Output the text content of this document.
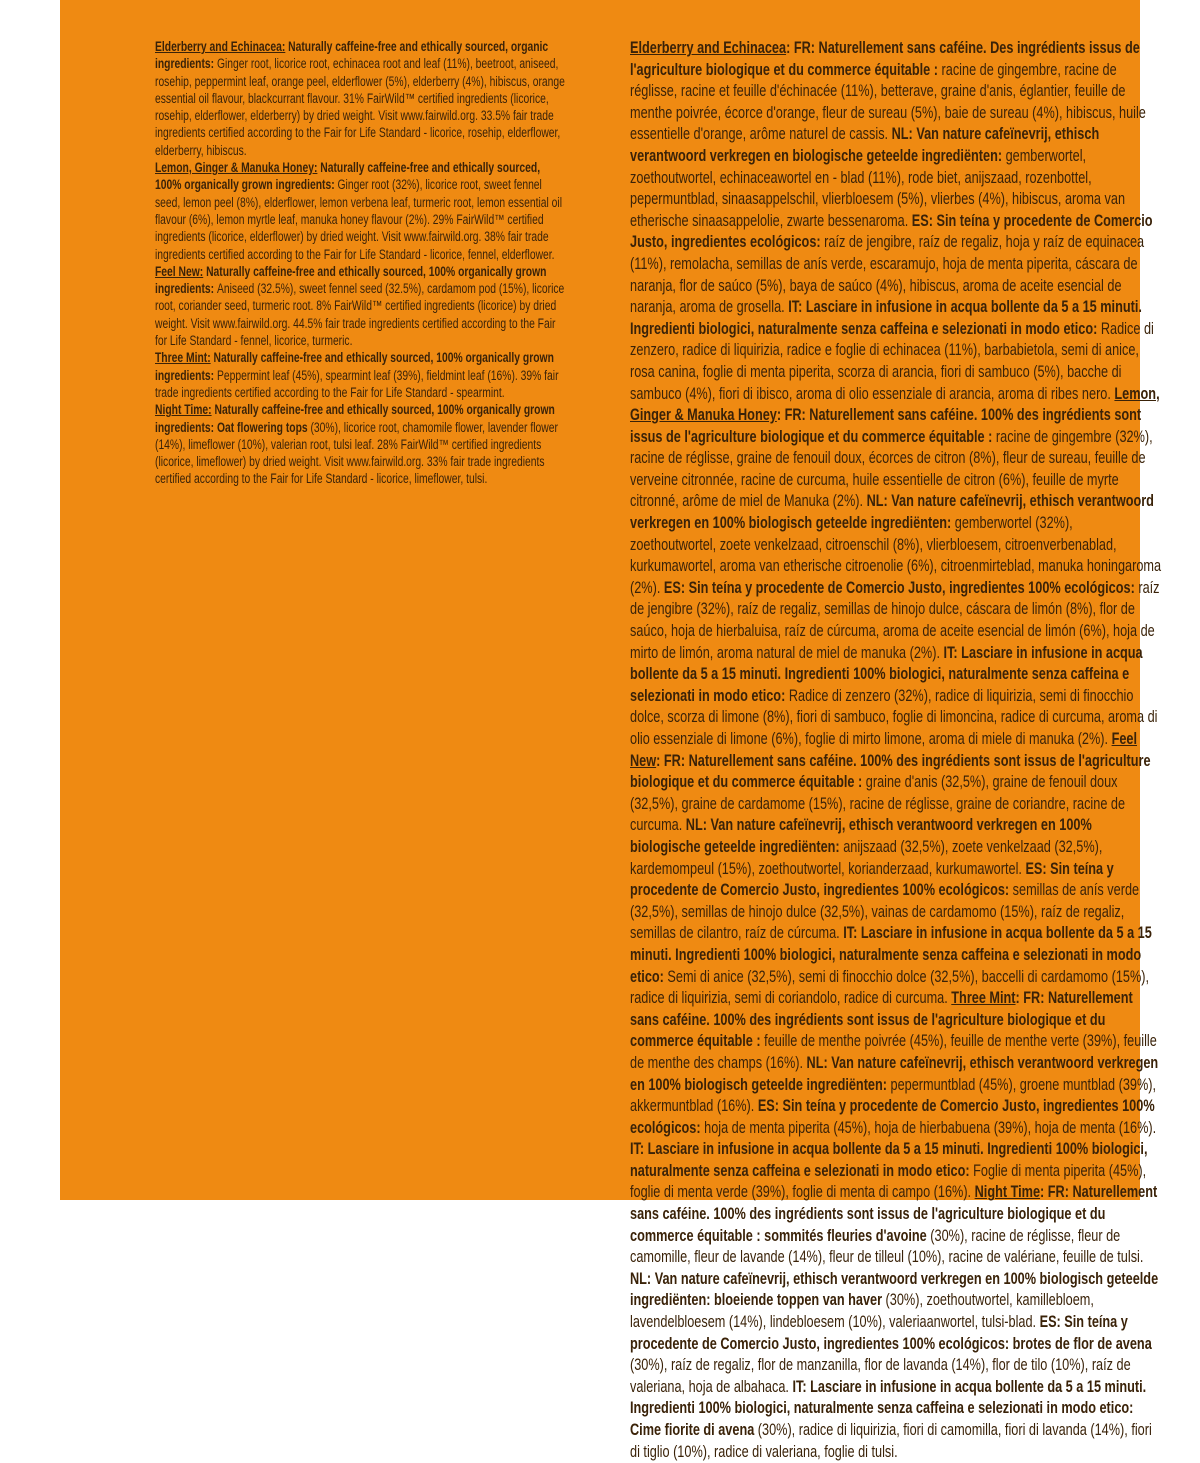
Elderberry and Echinacea: Naturally caffeine-free and ethically sourced, organic ingredients: Ginger root, licorice root, echinacea root and leaf (11%), beetroot, aniseed, rosehip, peppermint leaf, orange peel, elderflower (5%), elderberry (4%), hibiscus, orange essential oil flavour, blackcurrant flavour. 31% FairWild™ certified ingredients (licorice, rosehip, elderflower, elderberry) by dried weight. Visit www.fairwild.org. 33.5% fair trade ingredients certified according to the Fair for Life Standard - licorice, rosehip, elderflower, elderberry, hibiscus.

Lemon, Ginger & Manuka Honey: Naturally caffeine-free and ethically sourced, 100% organically grown ingredients: Ginger root (32%), licorice root, sweet fennel seed, lemon peel (8%), elderflower, lemon verbena leaf, turmeric root, lemon essential oil flavour (6%), lemon myrtle leaf, manuka honey flavour (2%). 29% FairWild™ certified ingredients (licorice, elderflower) by dried weight. Visit www.fairwild.org. 38% fair trade ingredients certified according to the Fair for Life Standard - licorice, fennel, elderflower.

Feel New: Naturally caffeine-free and ethically sourced, 100% organically grown ingredients: Aniseed (32.5%), sweet fennel seed (32.5%), cardamom pod (15%), licorice root, coriander seed, turmeric root. 8% FairWild™ certified ingredients (licorice) by dried weight. Visit www.fairwild.org. 44.5% fair trade ingredients certified according to the Fair for Life Standard - fennel, licorice, turmeric.

Three Mint: Naturally caffeine-free and ethically sourced, 100% organically grown ingredients: Peppermint leaf (45%), spearmint leaf (39%), fieldmint leaf (16%). 39% fair trade ingredients certified according to the Fair for Life Standard - spearmint.

Night Time: Naturally caffeine-free and ethically sourced, 100% organically grown ingredients: Oat flowering tops (30%), licorice root, chamomile flower, lavender flower (14%), limeflower (10%), valerian root, tulsi leaf. 28% FairWild™ certified ingredients (licorice, limeflower) by dried weight. Visit www.fairwild.org. 33% fair trade ingredients certified according to the Fair for Life Standard - licorice, limeflower, tulsi.

Elderberry and Echinacea: FR: Naturellement sans caféine. Des ingrédients issus de l'agriculture biologique et du commerce équitable : racine de gingembre, racine de réglisse, racine et feuille d'échinacée (11%), betterave, graine d'anis, églantier, feuille de menthe poivrée, écorce d'orange, fleur de sureau (5%), baie de sureau (4%), hibiscus, huile essentielle d'orange, arôme naturel de cassis. NL: Van nature cafeïnevrij, ethisch verantwoord verkregen en biologische geteelde ingrediënten: gemberwortel, zoethoutwortel, echinaceawortel en - blad (11%), rode biet, anijszaad, rozenbottel, pepermuntblad, sinaasappelschil, vlierbloesem (5%), vlierbes (4%), hibiscus, aroma van etherische sinaasappelolie, zwarte bessenaroma. ES: Sin teína y procedente de Comercio Justo, ingredientes ecológicos: raíz de jengibre, raíz de regaliz, hoja y raíz de equinacea (11%), remolacha, semillas de anís verde, escaramujo, hoja de menta piperita, cáscara de naranja, flor de saúco (5%), baya de saúco (4%), hibiscus, aroma de aceite esencial de naranja, aroma de grosella. IT: Lasciare in infusione in acqua bollente da 5 a 15 minuti. Ingredienti biologici, naturalmente senza caffeina e selezionati in modo etico: Radice di zenzero, radice di liquirizia, radice e foglie di echinacea (11%), barbabietola, semi di anice, rosa canina, foglie di menta piperita, scorza di arancia, fiori di sambuco (5%), bacche di sambuco (4%), fiori di ibisco, aroma di olio essenziale di arancia, aroma di ribes nero. Lemon, Ginger & Manuka Honey: FR: Naturellement sans caféine. 100% des ingrédients sont issus de l'agriculture biologique et du commerce équitable : racine de gingembre (32%), racine de réglisse, graine de fenouil doux, écorces de citron (8%), fleur de sureau, feuille de verveine citronnée, racine de curcuma, huile essentielle de citron (6%), feuille de myrte citronné, arôme de miel de Manuka (2%). NL: Van nature cafeïnevrij, ethisch verantwoord verkregen en 100% biologisch geteelde ingrediënten: gemberwortel (32%), zoethoutwortel, zoete venkelzaad, citroenschil (8%), vlierbloesem, citroenverbenablad, kurkumawortel, aroma van etherische citroenolie (6%), citroenmirteblad, manuka honingaroma (2%). ES: Sin teína y procedente de Comercio Justo, ingredientes 100% ecológicos: raíz de jengibre (32%), raíz de regaliz, semillas de hinojo dulce, cáscara de limón (8%), flor de saúco, hoja de hierbaluisa, raíz de cúrcuma, aroma de aceite esencial de limón (6%), hoja de mirto de limón, aroma natural de miel de manuka (2%). IT: Lasciare in infusione in acqua bollente da 5 a 15 minuti. Ingredienti 100% biologici, naturalmente senza caffeina e selezionati in modo etico: Radice di zenzero (32%), radice di liquirizia, semi di finocchio dolce, scorza di limone (8%), fiori di sambuco, foglie di limoncina, radice di curcuma, aroma di olio essenziale di limone (6%), foglie di mirto limone, aroma di miele di manuka (2%). Feel New: FR: Naturellement sans caféine. 100% des ingrédients sont issus de l'agriculture biologique et du commerce équitable : graine d'anis (32,5%), graine de fenouil doux (32,5%), graine de cardamome (15%), racine de réglisse, graine de coriandre, racine de curcuma. NL: Van nature cafeïnevrij, ethisch verantwoord verkregen en 100% biologische geteelde ingrediënten: anijszaad (32,5%), zoete venkelzaad (32,5%), kardemompeul (15%), zoethoutwortel, korianderzaad, kurkumawortel. ES: Sin teína y procedente de Comercio Justo, ingredientes 100% ecológicos: semillas de anís verde (32,5%), semillas de hinojo dulce (32,5%), vainas de cardamomo (15%), raíz de regaliz, semillas de cilantro, raíz de cúrcuma. IT: Lasciare in infusione in acqua bollente da 5 a 15 minuti. Ingredienti 100% biologici, naturalmente senza caffeina e selezionati in modo etico: Semi di anice (32,5%), semi di finocchio dolce (32,5%), baccelli di cardamomo (15%), radice di liquirizia, semi di coriandolo, radice di curcuma. Three Mint: FR: Naturellement sans caféine. 100% des ingrédients sont issus de l'agriculture biologique et du commerce équitable : feuille de menthe poivrée (45%), feuille de menthe verte (39%), feuille de menthe des champs (16%). NL: Van nature cafeïnevrij, ethisch verantwoord verkregen en 100% biologisch geteelde ingrediënten: pepermuntblad (45%), groene muntblad (39%), akkermuntblad (16%). ES: Sin teína y procedente de Comercio Justo, ingredientes 100% ecológicos: hoja de menta piperita (45%), hoja de hierbabuena (39%), hoja de menta (16%). IT: Lasciare in infusione in acqua bollente da 5 a 15 minuti. Ingredienti 100% biologici, naturalmente senza caffeina e selezionati in modo etico: Foglie di menta piperita (45%), foglie di menta verde (39%), foglie di menta di campo (16%). Night Time: FR: Naturellement sans caféine. 100% des ingrédients sont issus de l'agriculture biologique et du commerce équitable : sommités fleuries d'avoine (30%), racine de réglisse, fleur de camomille, fleur de lavande (14%), fleur de tilleul (10%), racine de valériane, feuille de tulsi. NL: Van nature cafeïnevrij, ethisch verantwoord verkregen en 100% biologisch geteelde ingrediënten: bloeiende toppen van haver (30%), zoethoutwortel, kamillebloem, lavendelbloesem (14%), lindebloesem (10%), valeriaanwortel, tulsi-blad. ES: Sin teína y procedente de Comercio Justo, ingredientes 100% ecológicos: brotes de flor de avena (30%), raíz de regaliz, flor de manzanilla, flor de lavanda (14%), flor de tilo (10%), raíz de valeriana, hoja de albahaca. IT: Lasciare in infusione in acqua bollente da 5 a 15 minuti. Ingredienti 100% biologici, naturalmente senza caffeina e selezionati in modo etico: Cime fiorite di avena (30%), radice di liquirizia, fiori di camomilla, fiori di lavanda (14%), fiori di tiglio (10%), radice di valeriana, foglie di tulsi.
